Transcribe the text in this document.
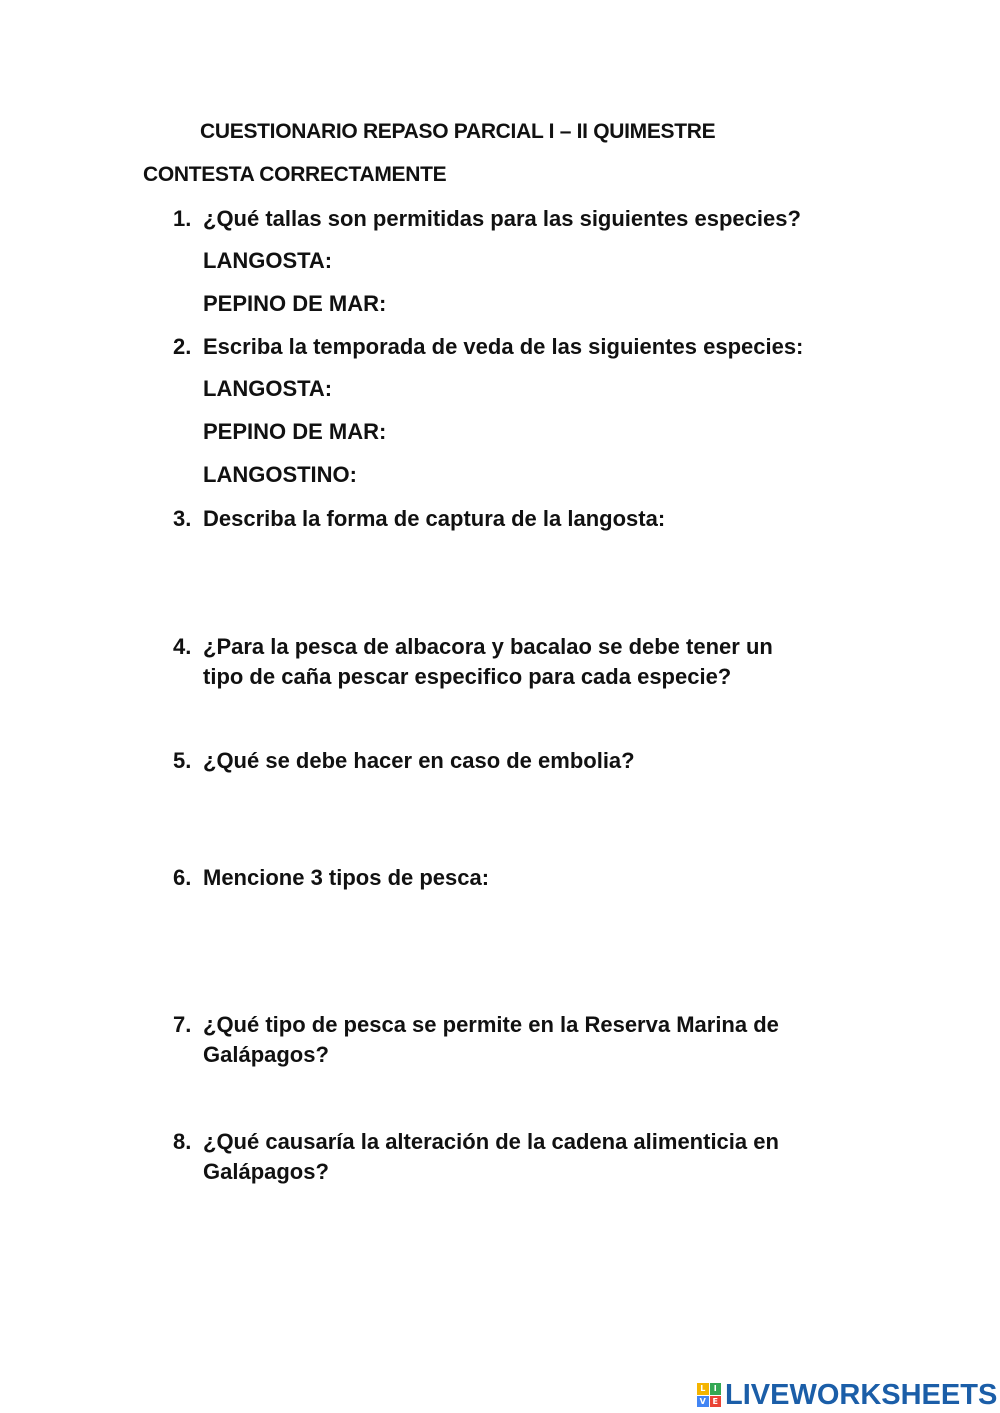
CUESTIONARIO REPASO PARCIAL I – II QUIMESTRE
CONTESTA CORRECTAMENTE
1. ¿Qué tallas son permitidas para las siguientes especies?
LANGOSTA:
PEPINO DE MAR:
2. Escriba la temporada de veda de las siguientes especies:
LANGOSTA:
PEPINO DE MAR:
LANGOSTINO:
3. Describa la forma de captura de la langosta:
4. ¿Para la pesca de albacora y bacalao se debe tener un
tipo de caña pescar especifico para cada especie?
5. ¿Qué se debe hacer en caso de embolia?
6. Mencione 3 tipos de pesca:
7. ¿Qué tipo de pesca se permite en la Reserva Marina de
Galápagos?
8. ¿Qué causaría la alteración de la cadena alimenticia en
Galápagos?
L	I
V E LIVEWORKSHEETS
